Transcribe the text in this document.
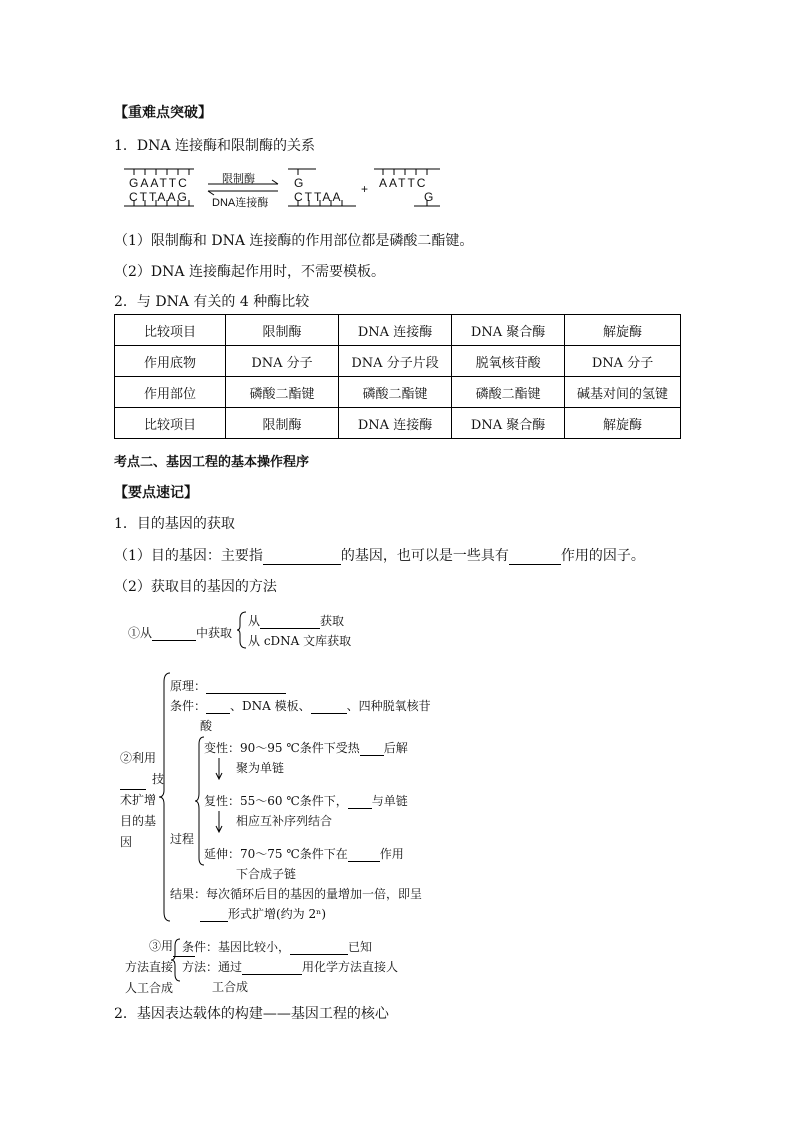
【重难点突破】
1．DNA 连接酶和限制酶的关系
GAATTC
CTTAAG
限制酶
DNA连接酶
G
CTTAA
+ AATTC
G
（1）限制酶和 DNA 连接酶的作用部位都是磷酸二酯键。
（2）DNA 连接酶起作用时，不需要模板。
2．与 DNA 有关的 4 种酶比较
比较项目	限制酶	DNA 连接酶	DNA 聚合酶	解旋酶
作用底物	DNA 分子	DNA 分子片段	脱氧核苷酸	DNA 分子
作用部位	磷酸二酯键	磷酸二酯键	磷酸二酯键	碱基对间的氢键
比较项目	限制酶	DNA 连接酶	DNA 聚合酶	解旋酶
考点二、基因工程的基本操作程序
【要点速记】
1．目的基因的获取
（1）目的基因：主要指	的基因，也可以是一些具有	作用的因子。
（2）获取目的基因的方法
①从	中获取
从	获取
从 cDNA 文库获取
②利用
技
术扩增
目的基
因
原理：
条件： 、DNA 模板、	、四种脱氧核苷
酸
过程
变性：90～95 ℃条件下受热 后解
聚为单链
复性：55～60 ℃条件下， 与单链
相应互补序列结合
延伸：70～75 ℃条件下在	作用
下合成子链
结果：每次循环后目的基因的量增加一倍，即呈
形式扩增(约为 2ⁿ)
③用
方法直接
人工合成
条件：基因比较小，	已知
方法：通过	用化学方法直接人
工合成
2．基因表达载体的构建——基因工程的核心
